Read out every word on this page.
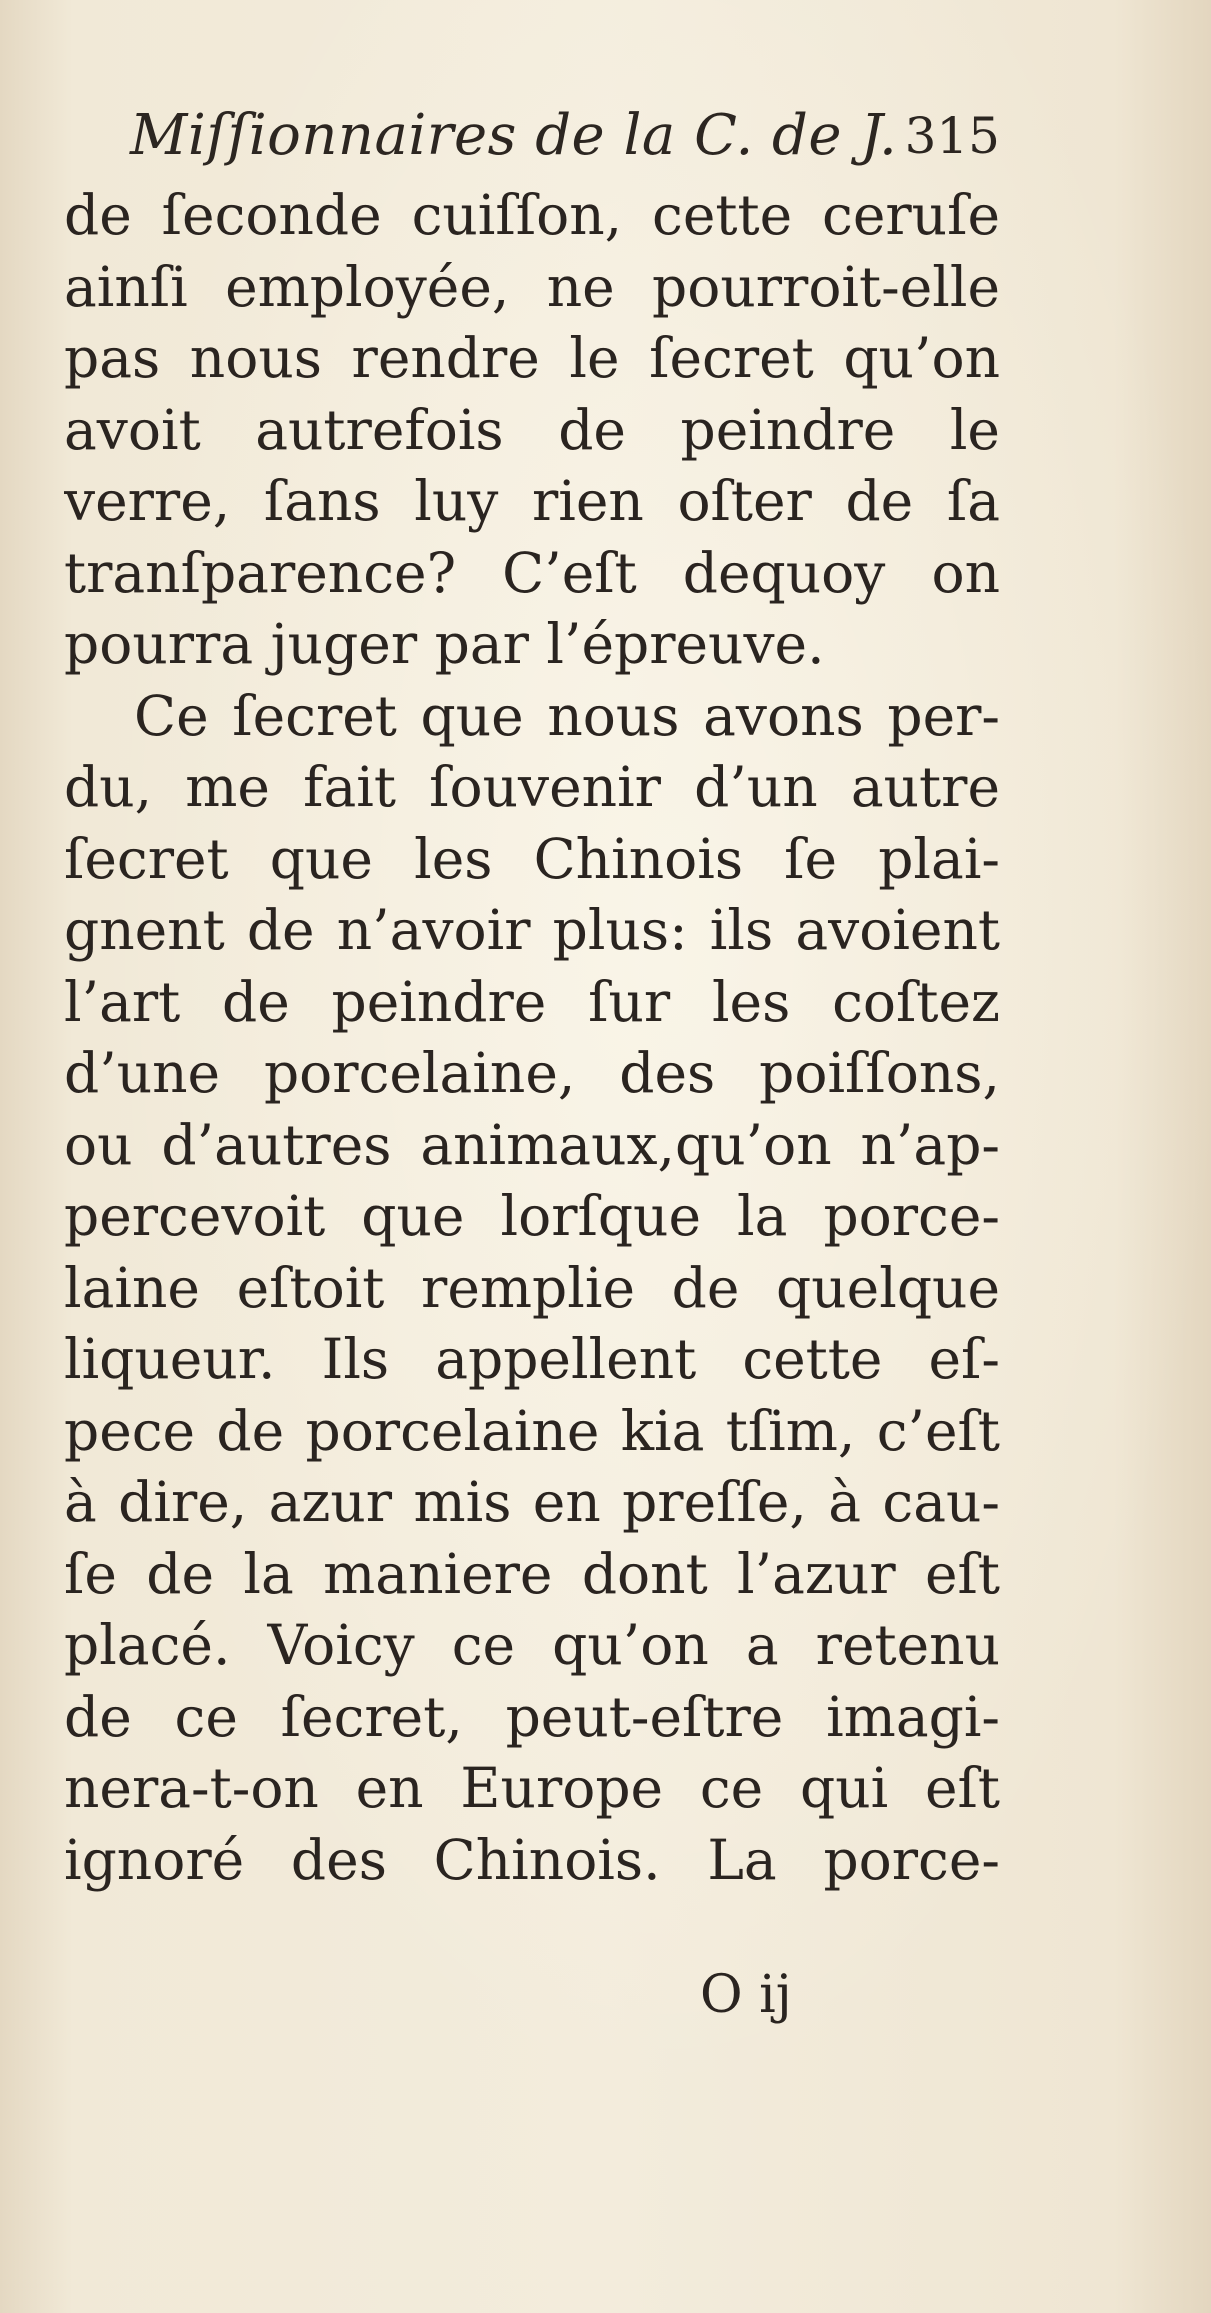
Miſſionnaires de la C. de J. 315
de ſeconde cuiſſon, cette ceruſe
ainſi employée, ne pourroit-elle
pas nous rendre le ſecret qu’on
avoit autrefois de peindre le
verre, ſans luy rien oſter de ſa
tranſparence? C’eſt dequoy on
pourra juger par l’épreuve.
Ce ſecret que nous avons per-
du, me fait ſouvenir d’un autre
ſecret que les Chinois ſe plai-
gnent de n’avoir plus: ils avoient
l’art de peindre ſur les coſtez
d’une porcelaine, des poiſſons,
ou d’autres animaux,qu’on n’ap-
percevoit que lorſque la porce-
laine eſtoit remplie de quelque
liqueur. Ils appellent cette eſ-
pece de porcelaine kia tſim, c’eſt
à dire, azur mis en preſſe, à cau-
ſe de la maniere dont l’azur eſt
placé. Voicy ce qu’on a retenu
de ce ſecret, peut-eſtre imagi-
nera-t-on en Europe ce qui eſt
ignoré des Chinois. La porce-
O ij
